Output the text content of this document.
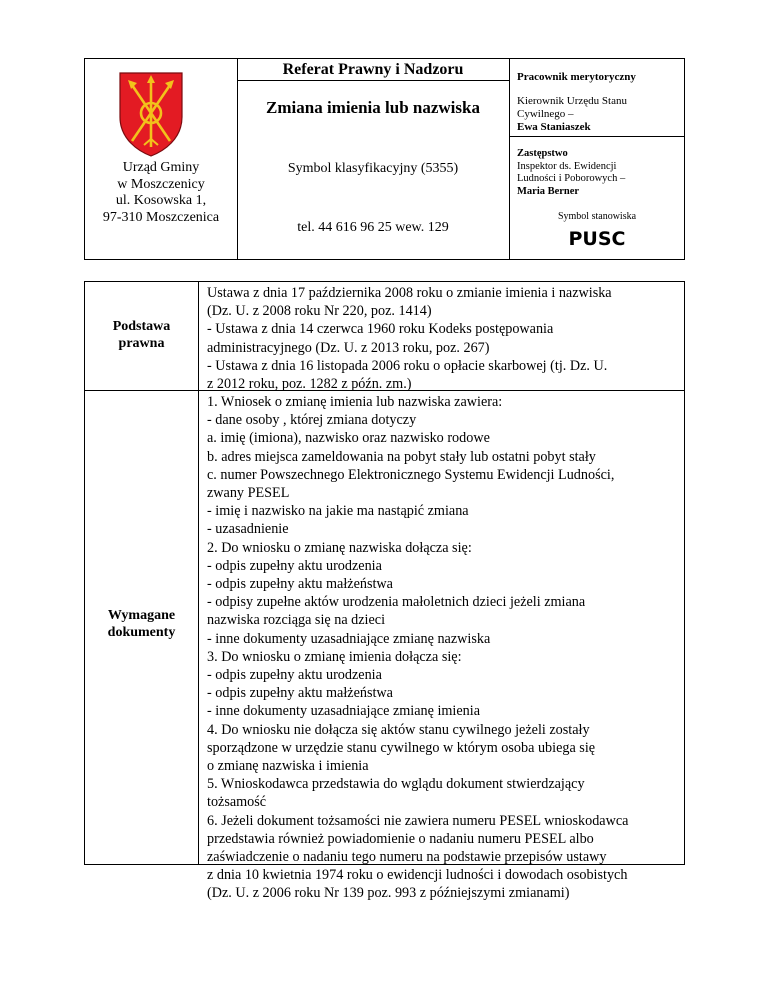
Urząd Gminy
w Moszczenicy
ul. Kosowska 1,
97-310 Moszczenica
Referat Prawny i Nadzoru
Zmiana imienia lub nazwiska
Symbol klasyfikacyjny (5355)
tel. 44 616 96 25 wew. 129
Pracownik merytoryczny
Kierownik Urzędu Stanu
Cywilnego –
Ewa Staniaszek
Zastępstwo
Inspektor ds. Ewidencji
Ludności i Poborowych –
Maria Berner
Symbol stanowiska
PUSC
Podstawa
prawna
Ustawa z dnia 17 października 2008 roku o zmianie imienia i nazwiska
(Dz. U. z 2008 roku Nr 220, poz. 1414)
- Ustawa z dnia 14 czerwca 1960 roku Kodeks postępowania
administracyjnego (Dz. U. z 2013 roku, poz. 267)
- Ustawa z dnia 16 listopada 2006 roku o opłacie skarbowej (tj. Dz. U.
z 2012 roku, poz. 1282 z późn. zm.)
Wymagane
dokumenty
1. Wniosek o zmianę imienia lub nazwiska zawiera:
- dane osoby , której zmiana dotyczy
a. imię (imiona), nazwisko oraz nazwisko rodowe
b. adres miejsca zameldowania na pobyt stały lub ostatni pobyt stały
c. numer Powszechnego Elektronicznego Systemu Ewidencji Ludności,
zwany PESEL
- imię i nazwisko na jakie ma nastąpić zmiana
- uzasadnienie
2. Do wniosku o zmianę nazwiska dołącza się:
- odpis zupełny aktu urodzenia
- odpis zupełny aktu małżeństwa
- odpisy zupełne aktów urodzenia małoletnich dzieci jeżeli zmiana
nazwiska rozciąga się na dzieci
- inne dokumenty uzasadniające zmianę nazwiska
3. Do wniosku o zmianę imienia dołącza się:
- odpis zupełny aktu urodzenia
- odpis zupełny aktu małżeństwa
- inne dokumenty uzasadniające zmianę imienia
4. Do wniosku nie dołącza się aktów stanu cywilnego jeżeli zostały
sporządzone w urzędzie stanu cywilnego w którym osoba ubiega się
o zmianę nazwiska i imienia
5. Wnioskodawca przedstawia do wglądu dokument stwierdzający
tożsamość
6. Jeżeli dokument tożsamości nie zawiera numeru PESEL wnioskodawca
przedstawia również powiadomienie o nadaniu numeru PESEL albo
zaświadczenie o nadaniu tego numeru na podstawie przepisów ustawy
z dnia 10 kwietnia 1974 roku o ewidencji ludności i dowodach osobistych
(Dz. U. z 2006 roku Nr 139 poz. 993 z późniejszymi zmianami)
